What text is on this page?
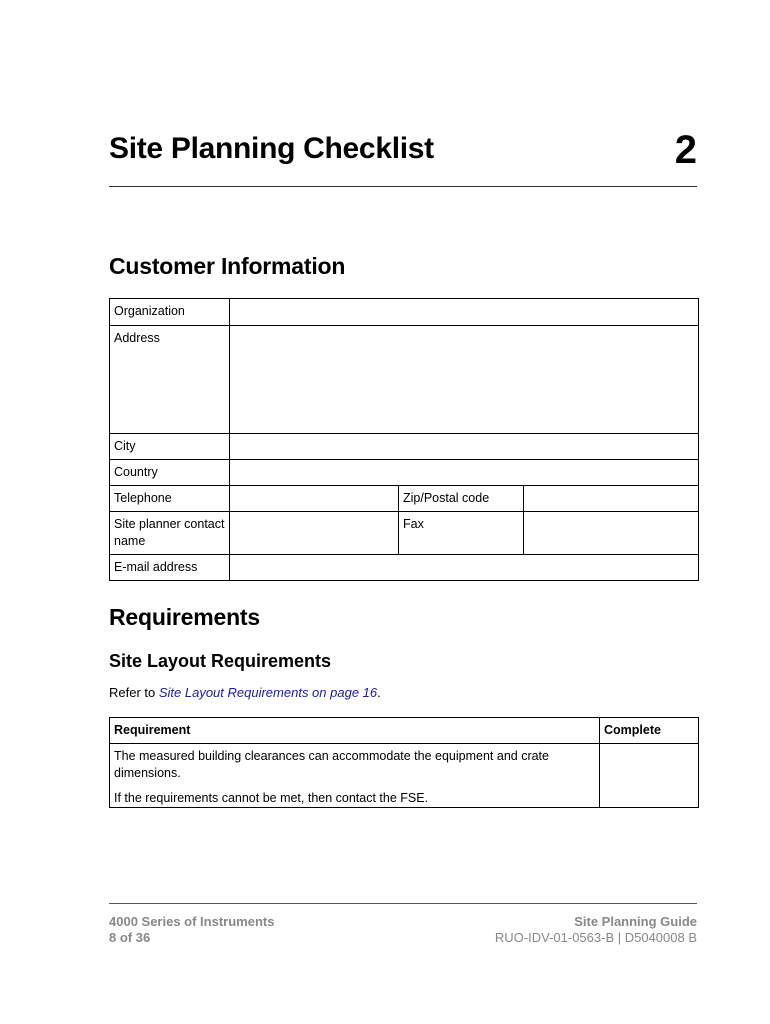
Site Planning Checklist	2
Customer Information
Organization			
Address			
City			
Country			
Telephone		Zip/Postal code	
Site planner contact name		Fax	
E-mail address			
Requirements
Site Layout Requirements
Refer to Site Layout Requirements on page 16.
Requirement	Complete

The measured building clearances can accommodate the equipment and crate dimensions.
If the requirements cannot be met, then contact the FSE.	

4000 Series of Instruments
8 of 36
Site Planning Guide
RUO-IDV-01-0563-B | D5040008 B
